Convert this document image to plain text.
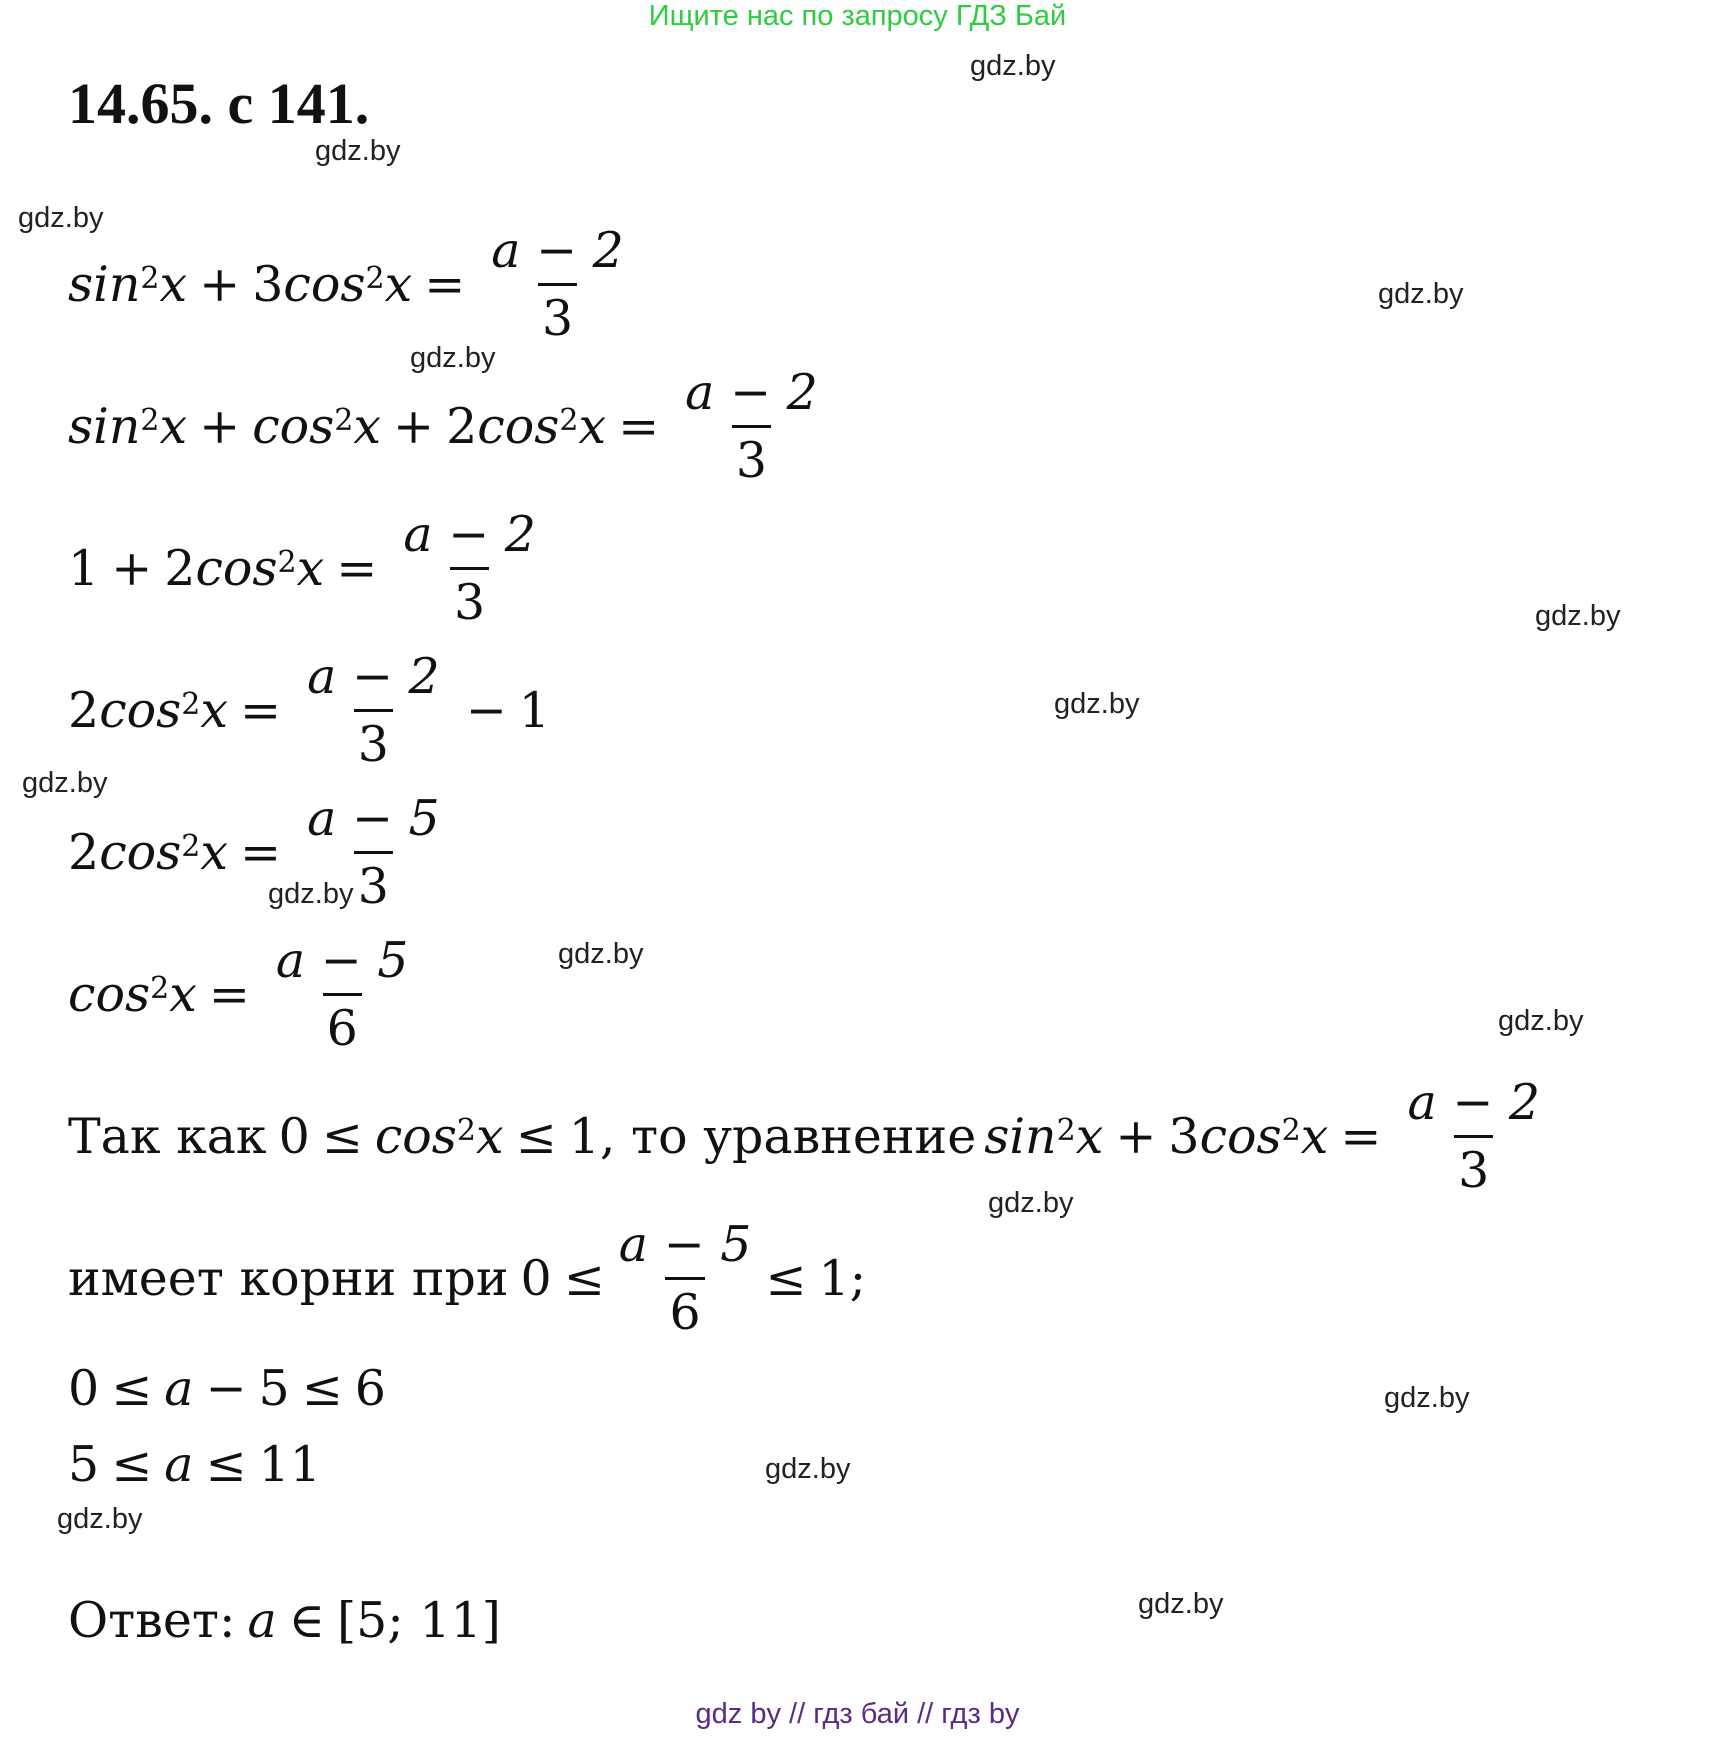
Ищите нас по запросу ГДЗ Бай
14.65. с 141.
gdz.by
gdz.by
gdz.by
gdz.by
gdz.by
gdz.by
gdz.by
gdz.by
gdz.by
gdz.by
gdz.by
gdz.by
gdz.by
gdz.by
gdz.by
gdz.by
$\sin^2 x + 3$ $\cos^2 x = \frac{a - 2}{3}$
$\sin^2 x + \cos^2 x + 2$ $\cos^2 x = \frac{a - 2}{3}$
1 + 2 $\cos^2 x = \frac{a - 2}{3}$
2 $\cos^2 x = \frac{a - 2}{3} - 1$
2 $\cos^2 x = \frac{a - 5}{3}$
$\cos^2 x = \frac{a - 5}{6}$
Так как $0 \le \cos^2 x \le 1$ , то уравнение $\sin^2 x + 3$ $\cos^2 x = \frac{a - 2}{3}$
имеет корни при $0 \le \frac{a - 5}{6} \le 1$ ;
0 ≤ a − 5 ≤ 6
5 ≤ a ≤ 11
Ответ: a ∈ [5; 11]
gdz by // гдз бай // гдз by
